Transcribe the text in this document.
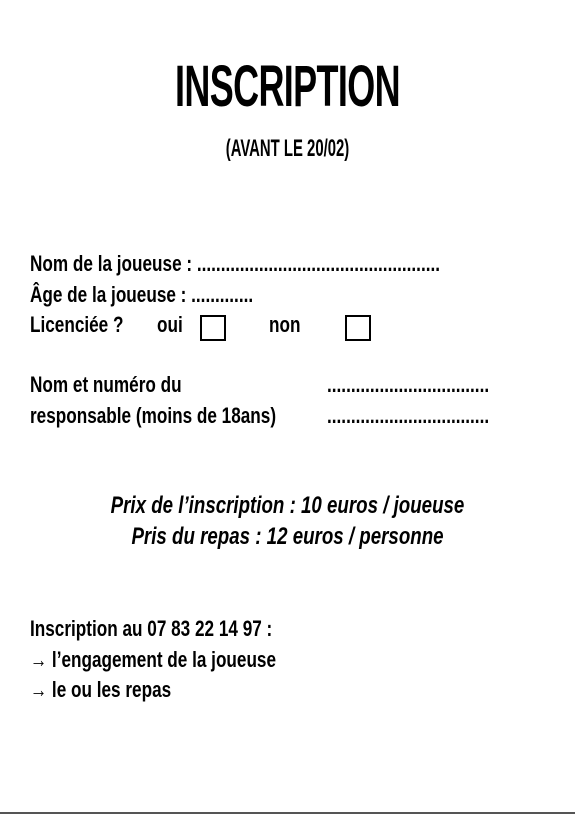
INSCRIPTION
(AVANT LE 20/02)
Nom de la joueuse : ...................................................
Âge de la joueuse : .............
Licenciée ? oui	non
Nom et numéro du	..................................
responsable (moins de 18ans) ..................................
Prix de l’inscription : 10 euros / joueuse
Pris du repas : 12 euros / personne
Inscription au 07 83 22 14 97 :
→ l’engagement de la joueuse
→ le ou les repas
